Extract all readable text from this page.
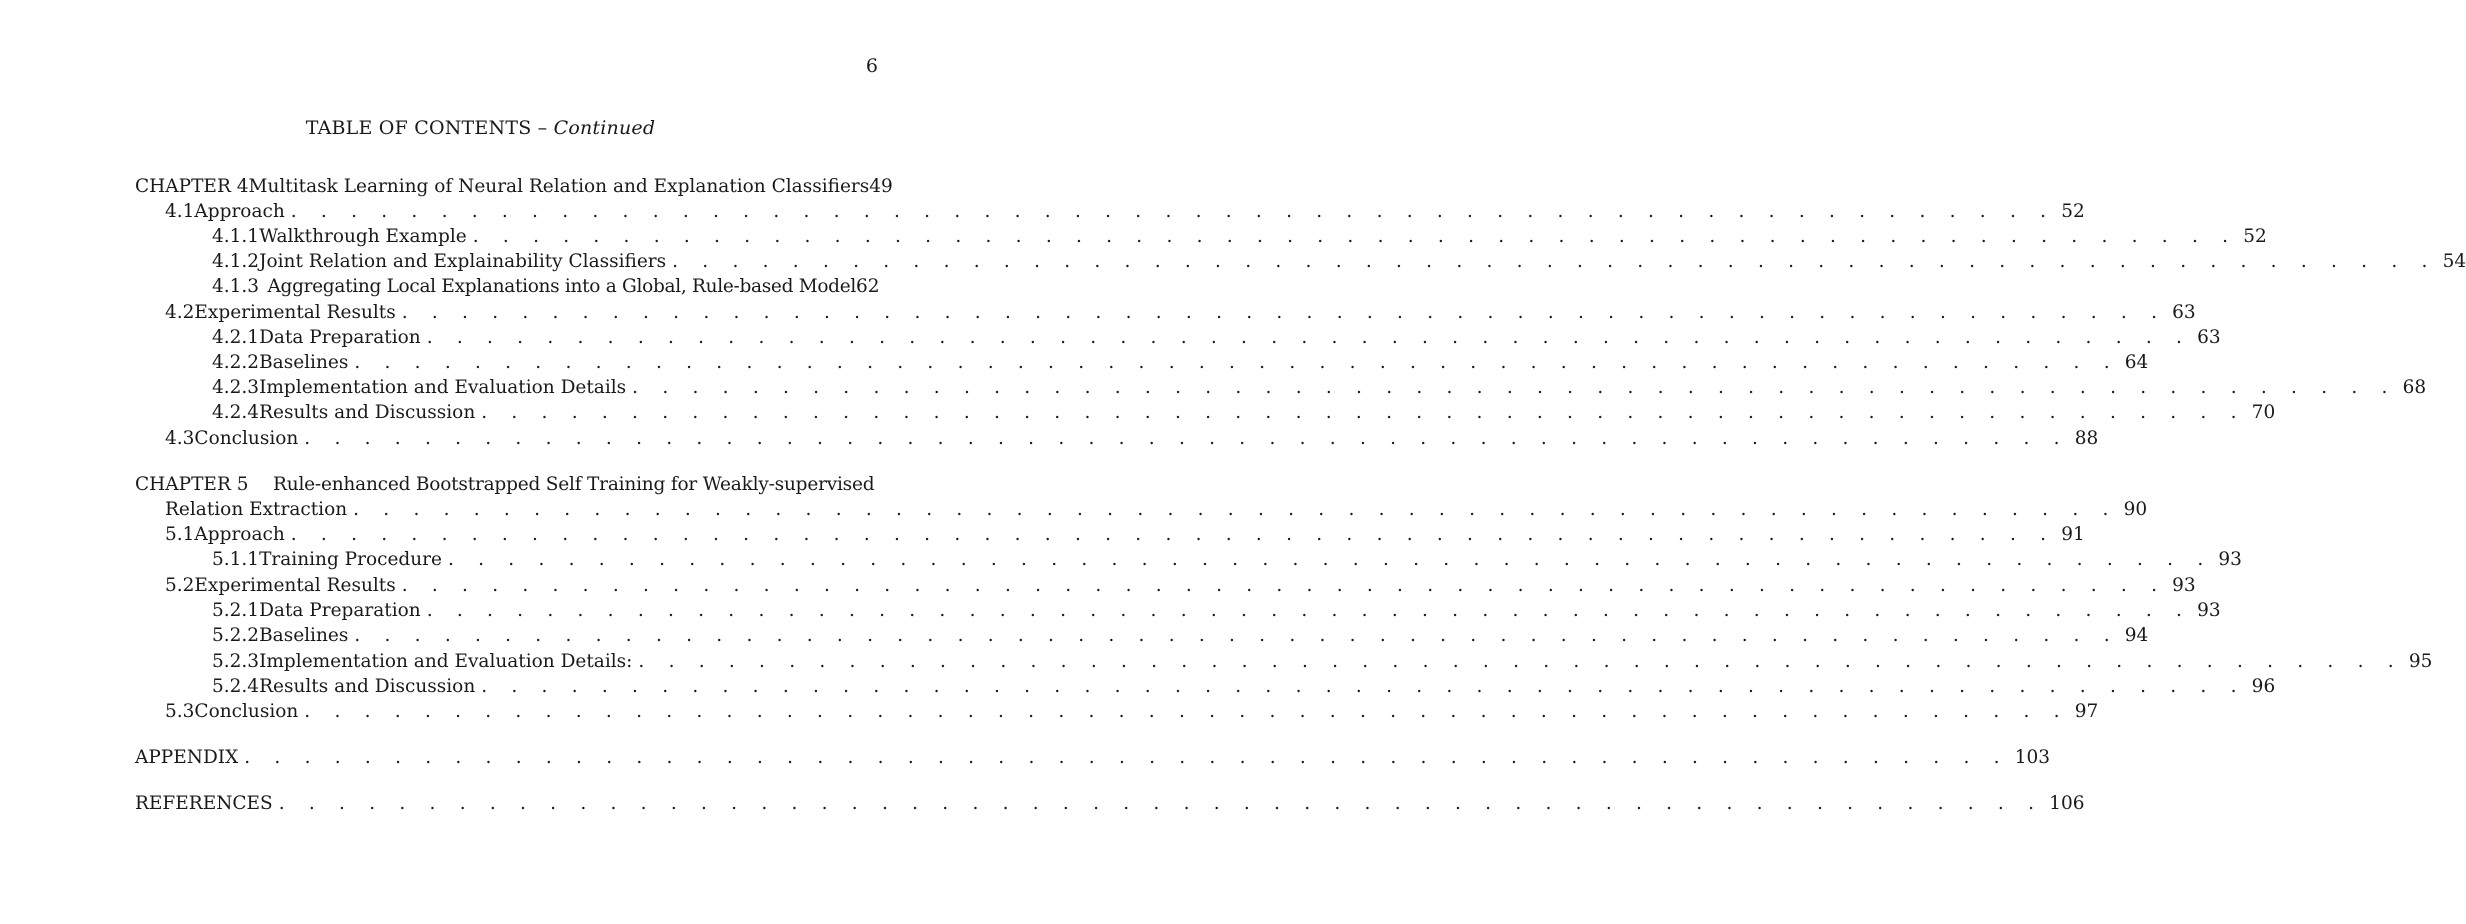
6
TABLE OF CONTENTS – Continued
CHAPTER 4 Multitask Learning of Neural Relation and Explanation Classifiers 49
4.1 Approach . . . . . . . . . . . . . . . . . . . . . . . . . . . . . . . . . . . . . . . . . . . . . . . . . . . . . . . . . . . 52
4.1.1 Walkthrough Example . . . . . . . . . . . . . . . . . . . . . . . . . . . . . . . . . . . . . . . . . . . . . . . . . . . . . . . . . . . 52
4.1.2 Joint Relation and Explainability Classifiers . . . . . . . . . . . . . . . . . . . . . . . . . . . . . . . . . . . . . . . . . . . . . . . . . . . . . . . . . . . 54
4.1.3 Aggregating Local Explanations into a Global, Rule-based Model 62
4.2 Experimental Results . . . . . . . . . . . . . . . . . . . . . . . . . . . . . . . . . . . . . . . . . . . . . . . . . . . . . . . . . . . 63
4.2.1 Data Preparation . . . . . . . . . . . . . . . . . . . . . . . . . . . . . . . . . . . . . . . . . . . . . . . . . . . . . . . . . . . 63
4.2.2 Baselines . . . . . . . . . . . . . . . . . . . . . . . . . . . . . . . . . . . . . . . . . . . . . . . . . . . . . . . . . . . 64
4.2.3 Implementation and Evaluation Details . . . . . . . . . . . . . . . . . . . . . . . . . . . . . . . . . . . . . . . . . . . . . . . . . . . . . . . . . . . 68
4.2.4 Results and Discussion . . . . . . . . . . . . . . . . . . . . . . . . . . . . . . . . . . . . . . . . . . . . . . . . . . . . . . . . . . . 70
4.3 Conclusion . . . . . . . . . . . . . . . . . . . . . . . . . . . . . . . . . . . . . . . . . . . . . . . . . . . . . . . . . . . 88
CHAPTER 5	Rule-enhanced Bootstrapped Self Training for Weakly-supervised
Relation Extraction . . . . . . . . . . . . . . . . . . . . . . . . . . . . . . . . . . . . . . . . . . . . . . . . . . . . . . . . . . . 90
5.1 Approach . . . . . . . . . . . . . . . . . . . . . . . . . . . . . . . . . . . . . . . . . . . . . . . . . . . . . . . . . . . 91
5.1.1 Training Procedure . . . . . . . . . . . . . . . . . . . . . . . . . . . . . . . . . . . . . . . . . . . . . . . . . . . . . . . . . . . 93
5.2 Experimental Results . . . . . . . . . . . . . . . . . . . . . . . . . . . . . . . . . . . . . . . . . . . . . . . . . . . . . . . . . . . 93
5.2.1 Data Preparation . . . . . . . . . . . . . . . . . . . . . . . . . . . . . . . . . . . . . . . . . . . . . . . . . . . . . . . . . . . 93
5.2.2 Baselines . . . . . . . . . . . . . . . . . . . . . . . . . . . . . . . . . . . . . . . . . . . . . . . . . . . . . . . . . . . 94
5.2.3 Implementation and Evaluation Details: . . . . . . . . . . . . . . . . . . . . . . . . . . . . . . . . . . . . . . . . . . . . . . . . . . . . . . . . . . . 95
5.2.4 Results and Discussion . . . . . . . . . . . . . . . . . . . . . . . . . . . . . . . . . . . . . . . . . . . . . . . . . . . . . . . . . . . 96
5.3 Conclusion . . . . . . . . . . . . . . . . . . . . . . . . . . . . . . . . . . . . . . . . . . . . . . . . . . . . . . . . . . . 97
APPENDIX . . . . . . . . . . . . . . . . . . . . . . . . . . . . . . . . . . . . . . . . . . . . . . . . . . . . . . . . . . . 103
REFERENCES . . . . . . . . . . . . . . . . . . . . . . . . . . . . . . . . . . . . . . . . . . . . . . . . . . . . . . . . . . . 106
